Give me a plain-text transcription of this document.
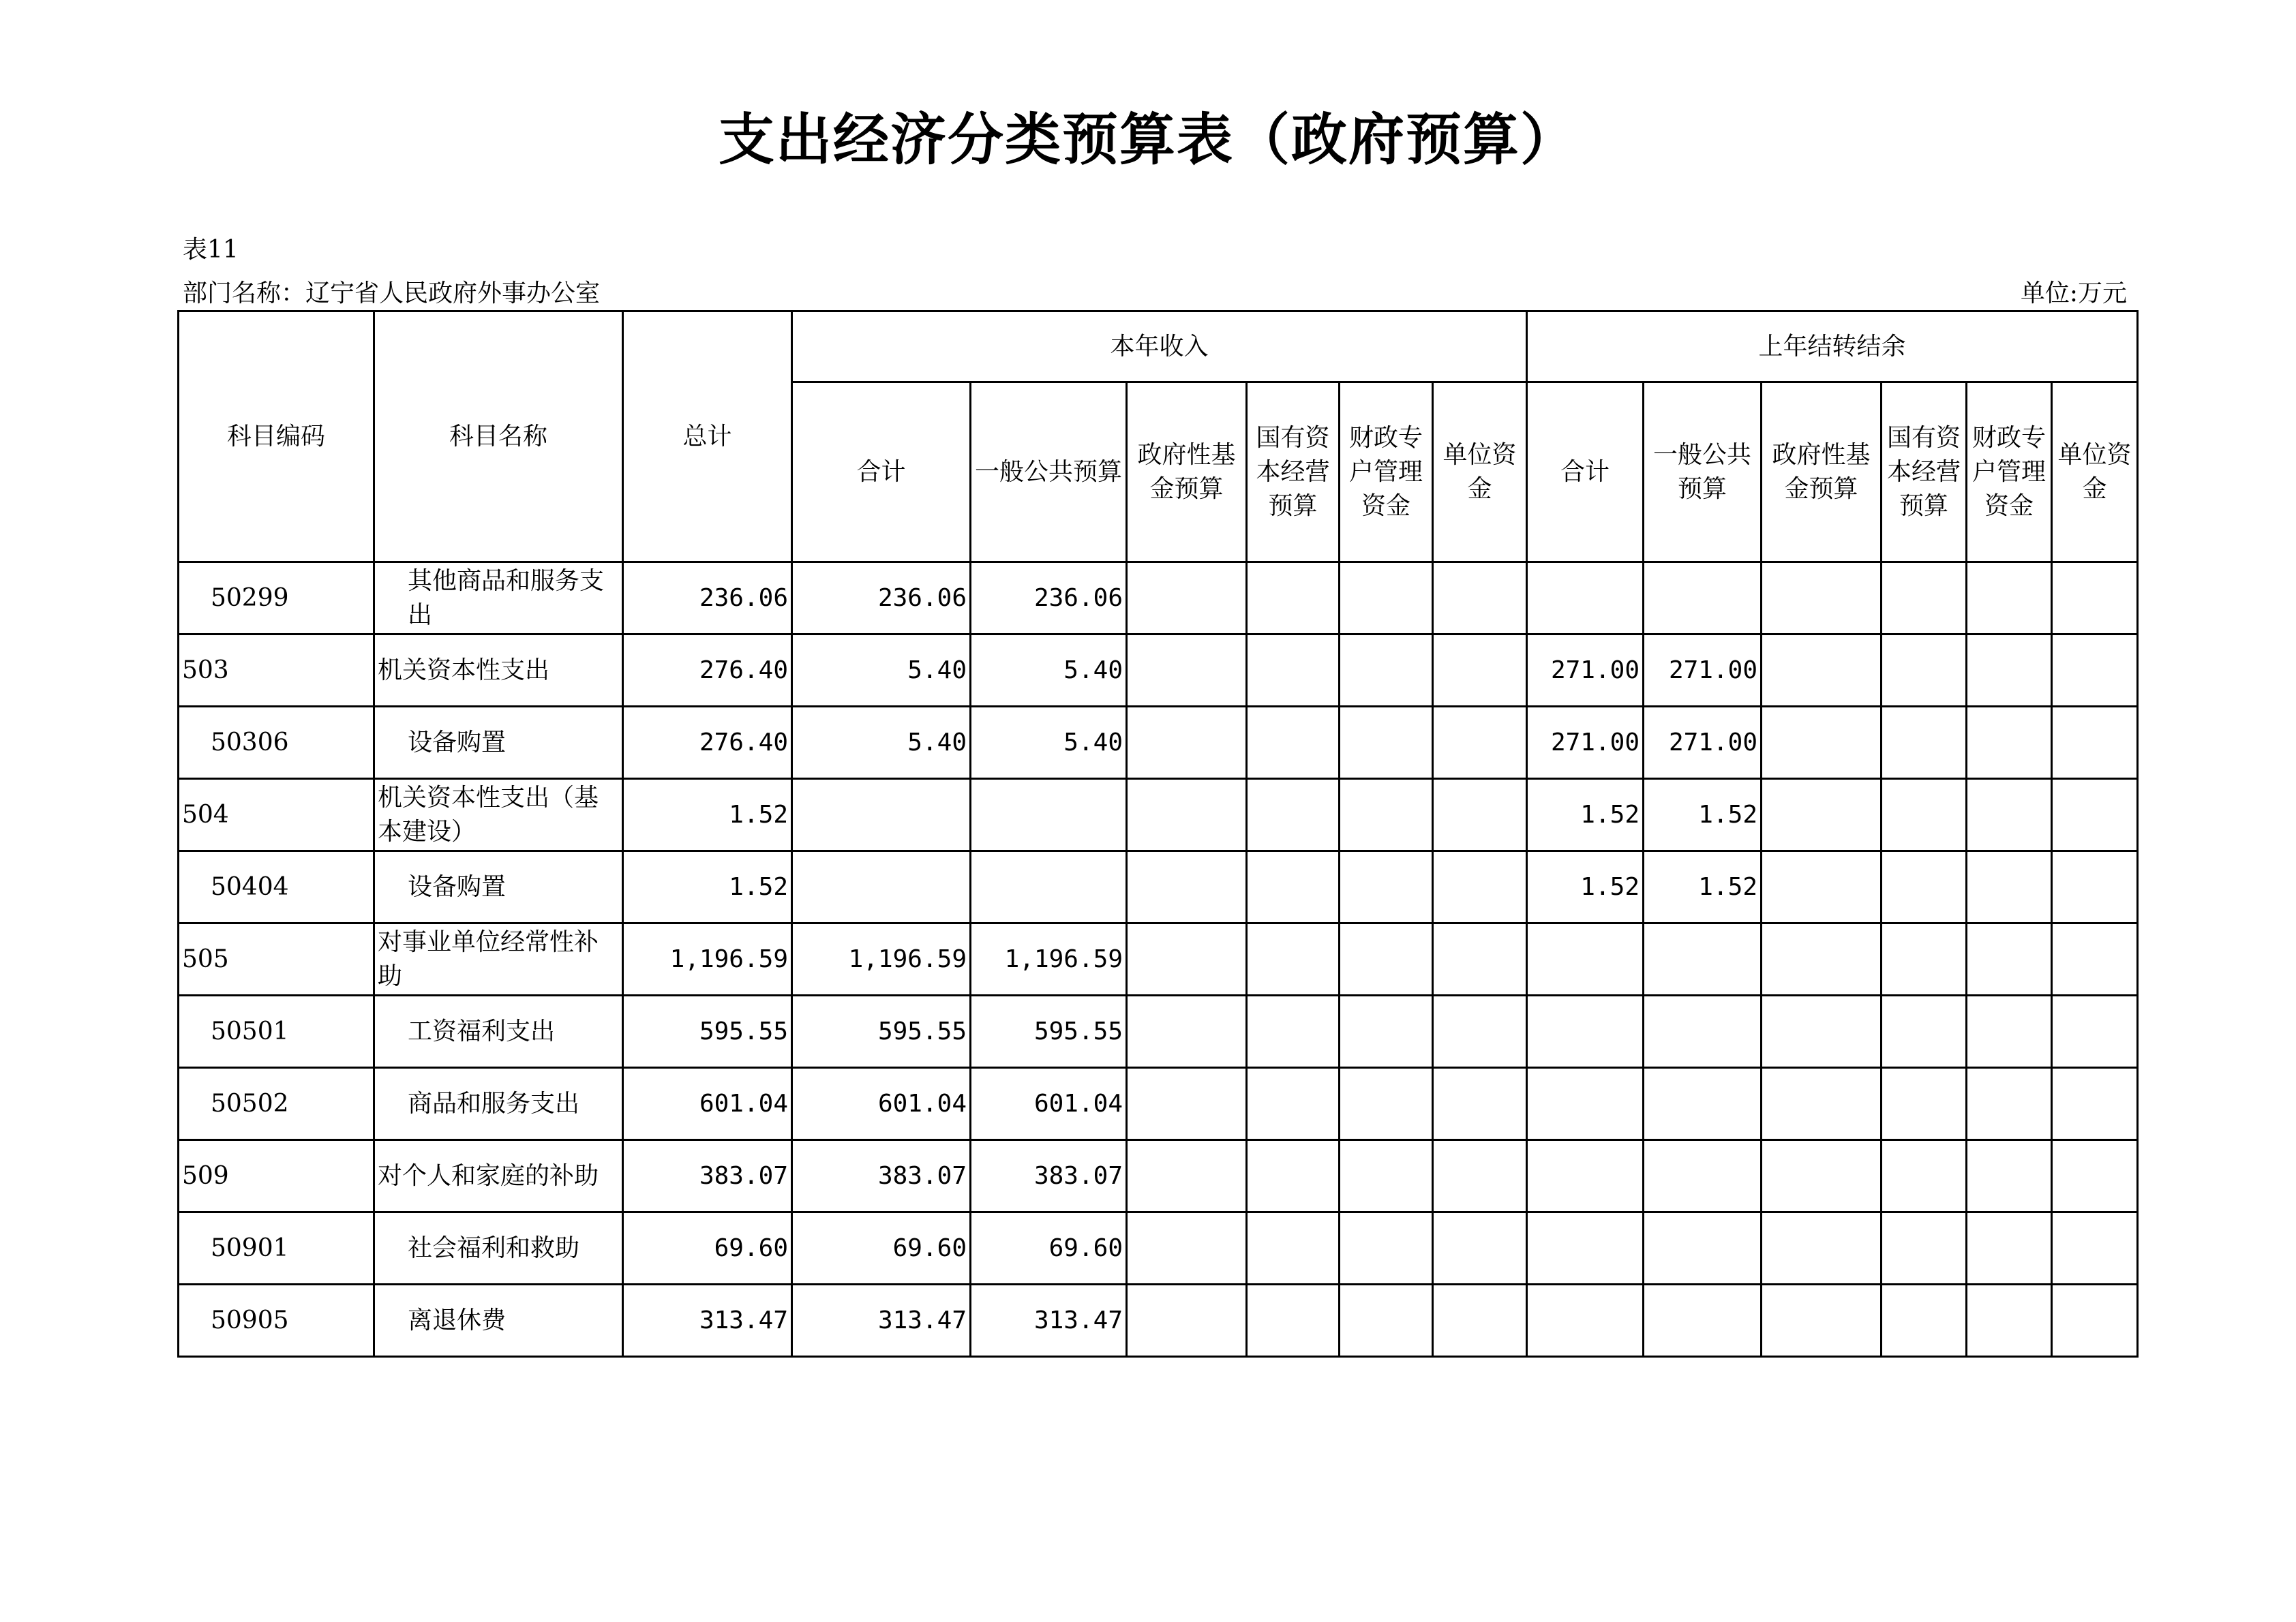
支出经济分类预算表（政府预算）
表11
部门名称：辽宁省人民政府外事办公室	单位:万元
科目编码	科目名称	总计	本年收入						上年结转结余					
			合计	一般公共预算	政府性基金预算	国有资本经营预算	财政专户管理资金	单位资金	合计	一般公共预算	政府性基金预算	国有资本经营预算	财政专户管理资金	单位资金
50299	其他商品和服务支出	236.06	236.06	236.06										
503	机关资本性支出	276.40	5.40	5.40					271.00	271.00				
50306	设备购置	276.40	5.40	5.40					271.00	271.00				
504	机关资本性支出（基本建设）	1.52							1.52	1.52				
50404	设备购置	1.52							1.52	1.52				
505	对事业单位经常性补助	1,196.59	1,196.59	1,196.59										
50501	工资福利支出	595.55	595.55	595.55										
50502	商品和服务支出	601.04	601.04	601.04										
509	对个人和家庭的补助	383.07	383.07	383.07										
50901	社会福利和救助	69.60	69.60	69.60										
50905	离退休费	313.47	313.47	313.47										
